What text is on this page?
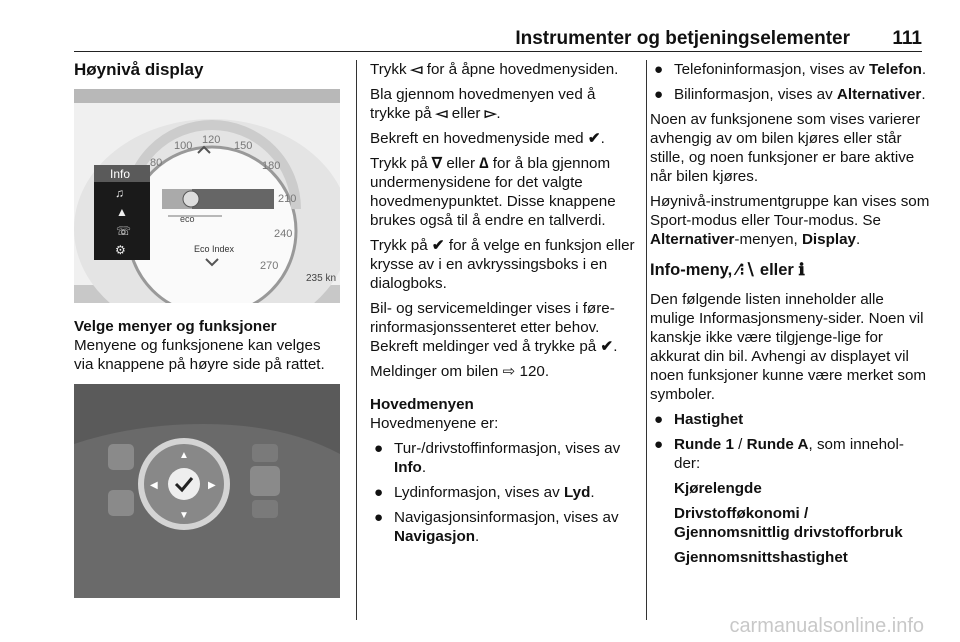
Instrumenter og betjeningselementer 111
Høynivå display
80
100 120 150
180
210
240
270
eco
Eco Index
Info
♫
▲
☏
⚙
235 kn
Velge menyer og funksjoner

Menyene og funksjonene kan velges via knappene på høyre side på rattet.

▲
▼
◀	▶

Trykk ◅ for å åpne hovedmenysiden.

Bla gjennom hovedmenyen ved å trykke på ◅ eller ▻.

Bekreft en hovedmenyside med ✔.

Trykk på ∇ eller ∆ for å bla gjennom undermenysidene for det valgte hovedmenypunktet. Disse knappene brukes også til å endre en tallverdi.

Trykk på ✔ for å velge en funksjon eller krysse av i en avkryssingsboks i en dialogboks.

Bil- og servicemeldinger vises i føre-rinformasjonssenteret etter behov. Bekreft meldinger ved å trykke på ✔.

Meldinger om bilen ⇨ 120.

Hovedmenyen

Hovedmenyene er:

● Tur-/drivstoffinformasjon, vises av Info.
● Lydinformasjon, vises av Lyd.
● Navigasjonsinformasjon, vises av Navigasjon.
● Telefoninformasjon, vises av Telefon.
● Bilinformasjon, vises av Alternativer.

Noen av funksjonene som vises varierer avhengig av om bilen kjøres eller står stille, og noen funksjoner er bare aktive når bilen kjøres.

Høynivå-instrumentgruppe kan vises som Sport-modus eller Tour-modus. Se Alternativer-menyen, Display.

Info-meny, ⁄⁝∖ eller ℹ

Den følgende listen inneholder alle mulige Informasjonsmeny-sider. Noen vil kanskje ikke være tilgjenge-lige for akkurat din bil. Avhengi av displayet vil noen funksjoner kunne være merket som symboler.

● Hastighet
● Runde 1 / Runde A, som innehol-der:
Kjørelengde
Drivstofføkonomi /
Gjennomsnittlig drivstofforbruk
Gjennomsnittshastighet
carmanualsonline.info
